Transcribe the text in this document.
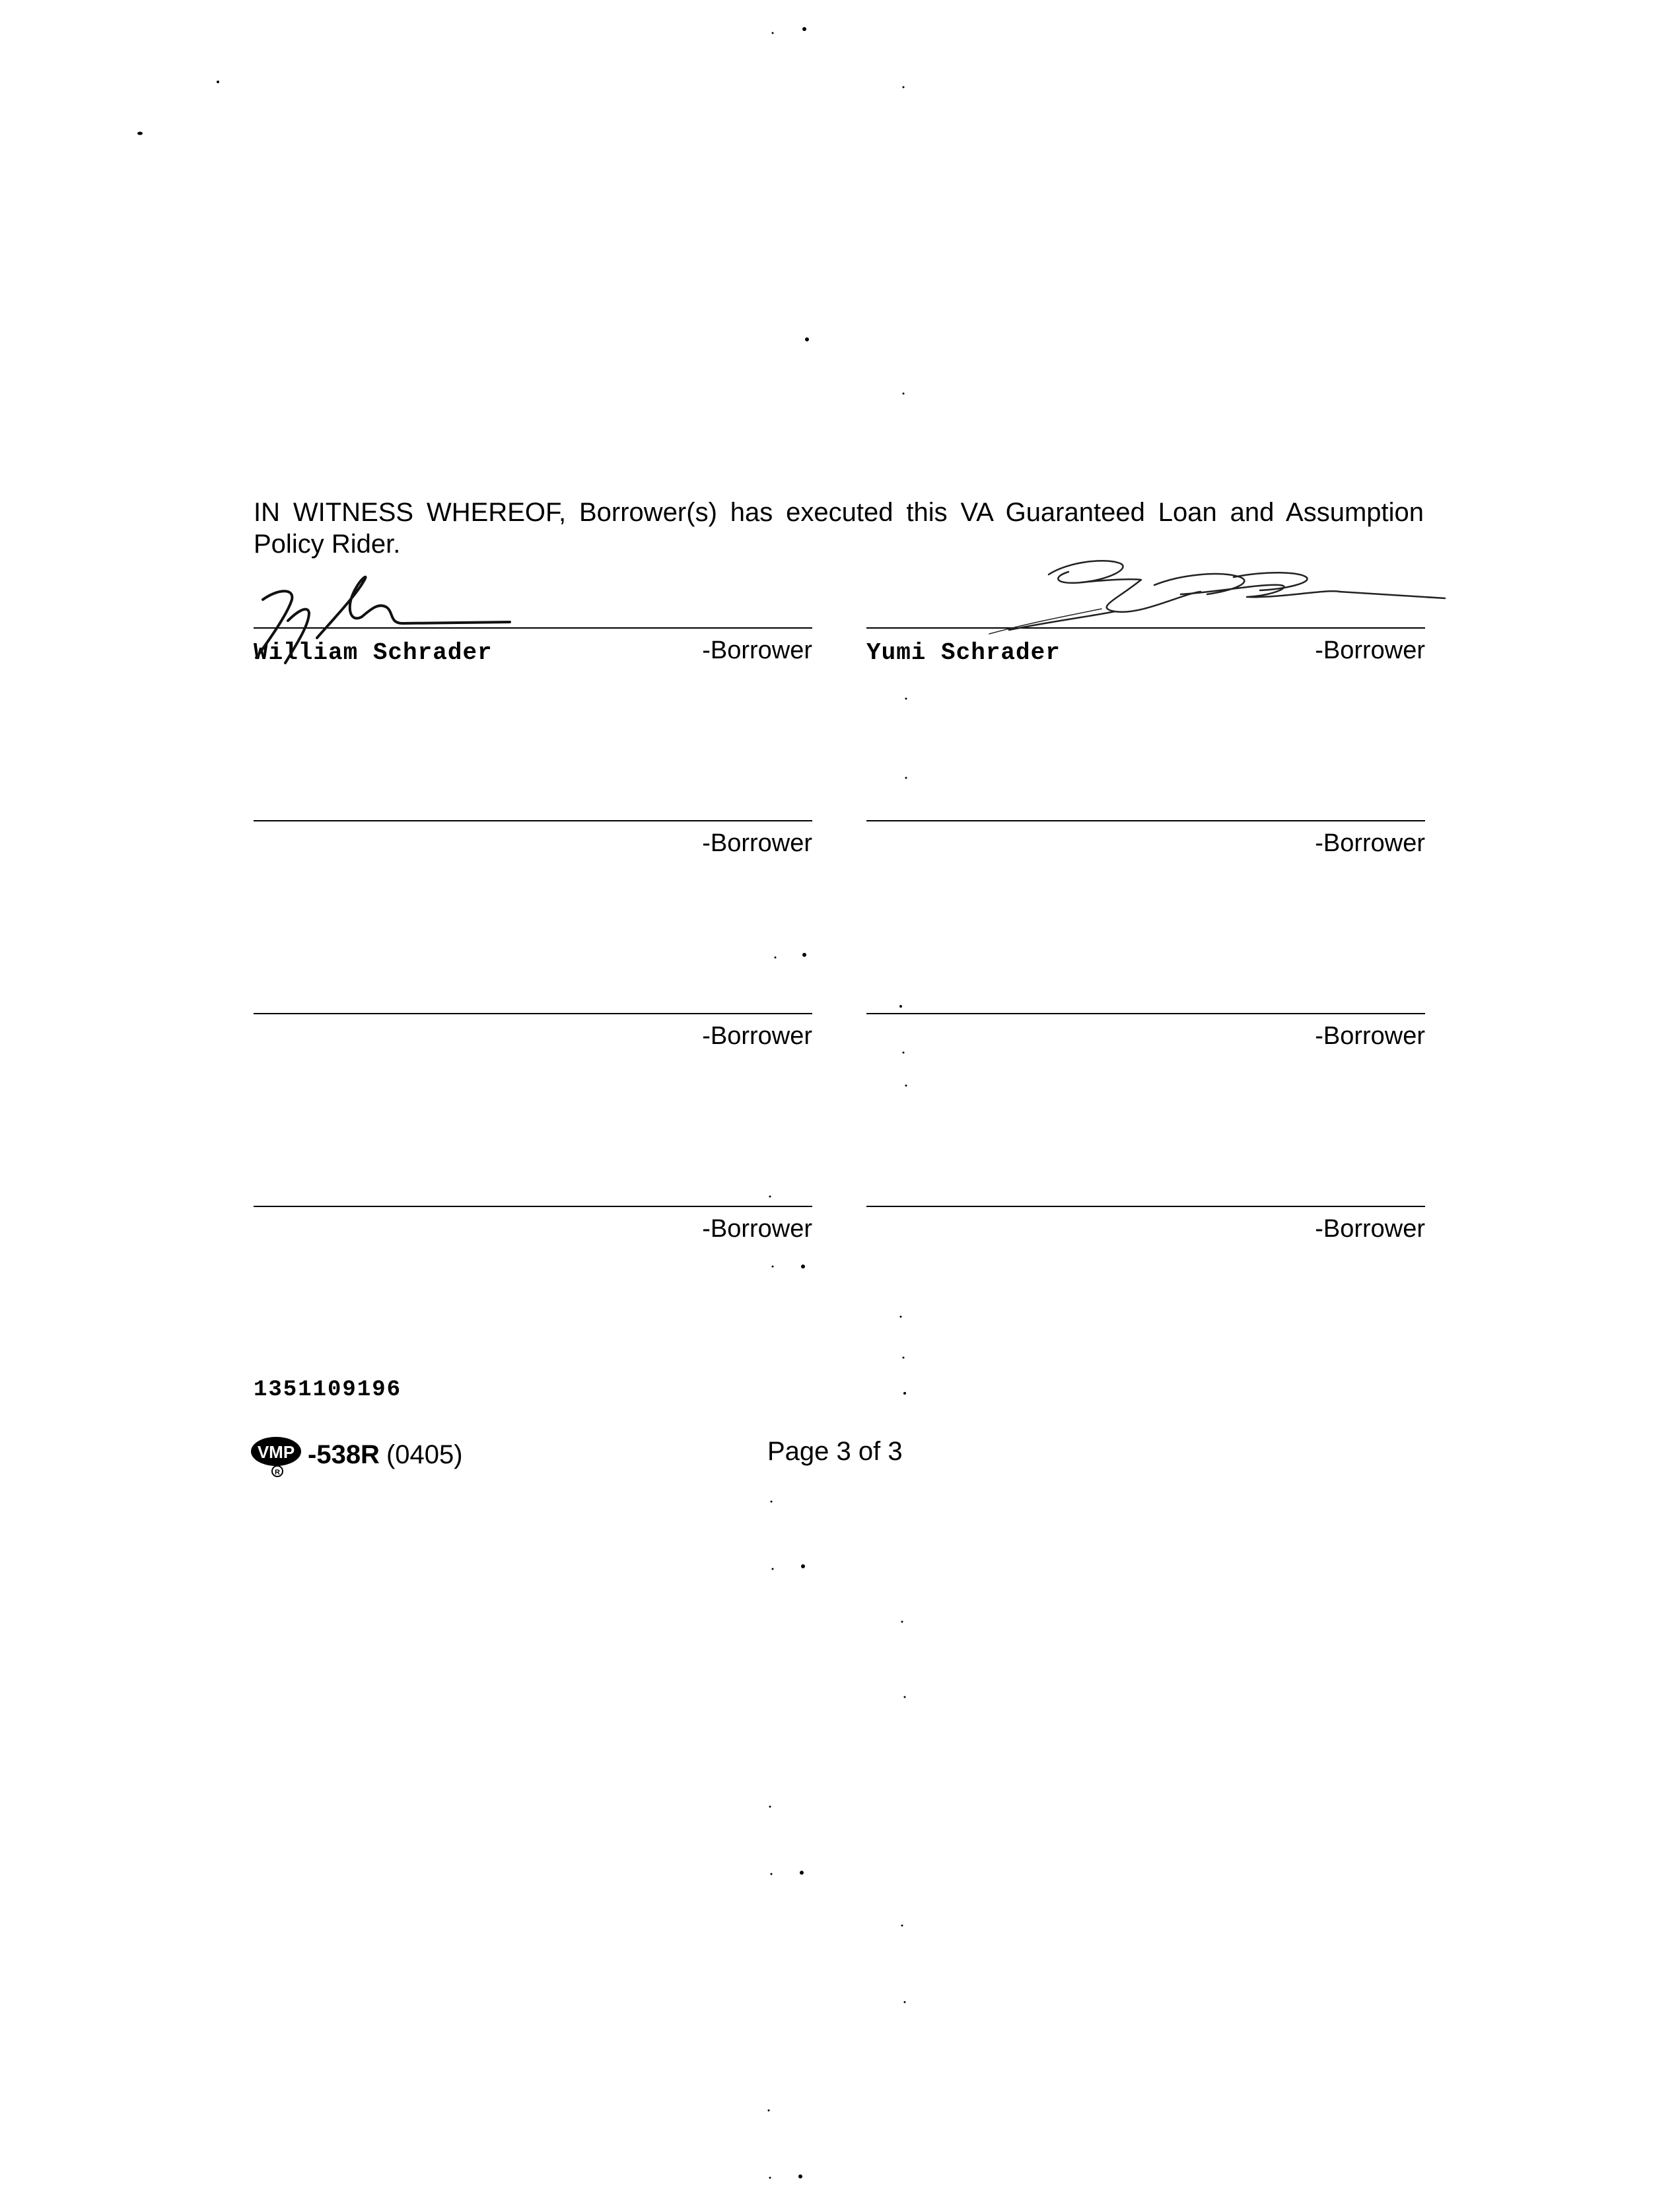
IN WITNESS WHEREOF, Borrower(s) has executed this VA Guaranteed Loan and Assumption Policy Rider.

William Schrader	-Borrower Yumi Schrader	-Borrower
-Borrower	-Borrower
-Borrower	-Borrower
-Borrower	-Borrower
1351109196
VMP
R
-538R (0405)	Page 3 of 3
